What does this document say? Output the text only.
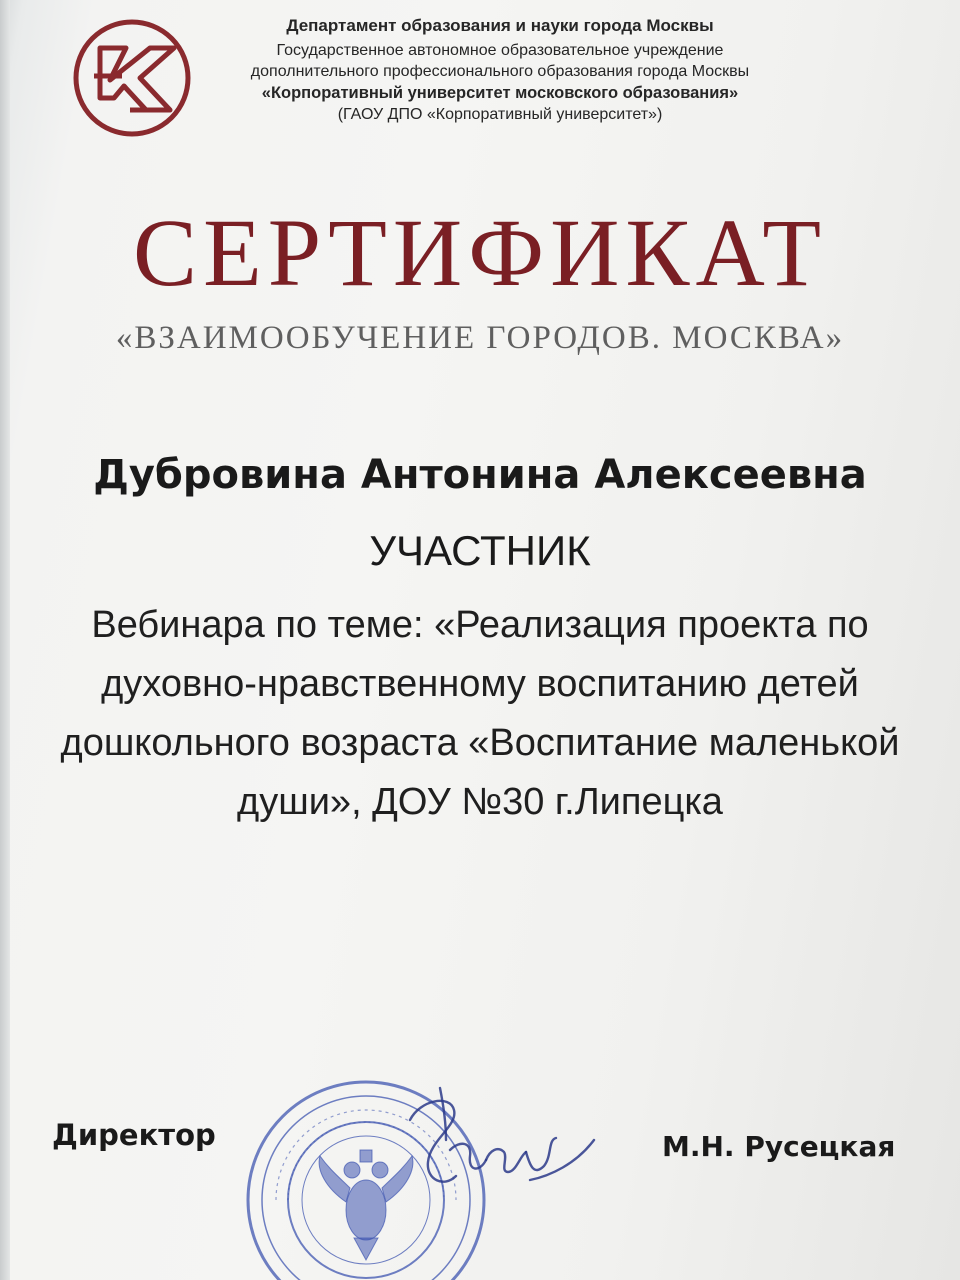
Департамент образования и науки города Москвы
Государственное автономное образовательное учреждение
дополнительного профессионального образования города Москвы
«Корпоративный университет московского образования»
(ГАОУ ДПО «Корпоративный университет»)
СЕРТИФИКАТ
«ВЗАИМООБУЧЕНИЕ ГОРОДОВ. МОСКВА»
Дубровина Антонина Алексеевна
УЧАСТНИК
Вебинара по теме: «Реализация проекта по
духовно-нравственному воспитанию детей
дошкольного возраста «Воспитание маленькой
души», ДОУ №30 г.Липецка
Директор	М.Н. Русецкая
